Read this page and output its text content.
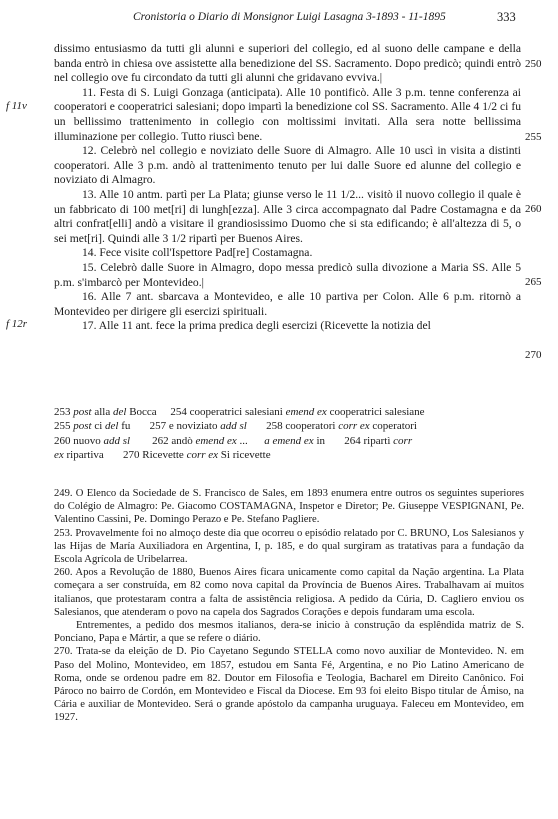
Cronistoria o Diario di Monsignor Luigi Lasagna 3-1893 - 11-1895	333
f 11v
f 12r
250
255
260
265
270

dissimo entusiasmo da tutti gli alunni e superiori del collegio, ed al suono delle campane e della banda entrò in chiesa ove assistette alla benedizione del SS. Sacramento. Dopo predicò; quindi entrò nel collegio ove fu circondato da tutti gli alunni che gridavano evviva.|

11. Festa di S. Luigi Gonzaga (anticipata). Alle 10 pontificò. Alle 3 p.m. tenne conferenza ai cooperatori e cooperatrici salesiani; dopo impartì la benedizione col SS. Sacramento. Alle 4 1/2 ci fu un bellissimo trattenimento in collegio con moltissimi invitati. Alla sera notte bellissima illuminazione per collegio. Tutto riuscì bene.

12. Celebrò nel collegio e noviziato delle Suore di Almagro. Alle 10 uscì in visita a distinti cooperatori. Alle 3 p.m. andò al trattenimento tenuto per lui dalle Suore ed alunne del collegio e noviziato di Almagro.

13. Alle 10 antm. partì per La Plata; giunse verso le 11 1/2... visitò il nuovo collegio il quale è un fabbricato di 100 met[ri] di lungh[ezza]. Alle 3 circa accompagnato dal Padre Costamagna e da altri confrat[elli] andò a visitare il grandiosissimo Duomo che si sta edificando; è all'altezza di 5, o sei met[ri]. Quindi alle 3 1/2 ripartì per Buenos Aires.

14. Fece visite coll'Ispettore Pad[re] Costamagna.

15. Celebrò dalle Suore in Almagro, dopo messa predicò sulla divozione a Maria SS. Alle 5 p.m. s'imbarcò per Montevideo.|

16. Alle 7 ant. sbarcava a Montevideo, e alle 10 partiva per Colon. Alle 6 p.m. ritornò a Montevideo per dirigere gli esercizi spirituali.

17. Alle 11 ant. fece la prima predica degli esercizi (Ricevette la notizia del

253 post alla del Bocca 254 cooperatrici salesiani emend ex cooperatrici salesiane
255 post ci del fu 257 e noviziato add sl 258 cooperatori corr ex coperatori
260 nuovo add sl 262 andò emend ex ... a emend ex in 264 ripartì corr
ex ripartiva 270 Ricevette corr ex Si ricevette

249. O Elenco da Sociedade de S. Francisco de Sales, em 1893 enumera entre outros os seguintes superiores do Colégio de Almagro: Pe. Giacomo COSTAMAGNA, Inspetor e Diretor; Pe. Giuseppe VESPIGNANI, Pe. Valentino Cassini, Pe. Domingo Perazo e Pe. Stefano Pagliere.

253. Provavelmente foi no almoço deste dia que ocorreu o episódio relatado por C. BRUNO, Los Salesianos y las Hijas de María Auxiliadora en Argentina, I, p. 185, e do qual surgiram as tratativas para a fundação da Escola Agrícola de Uribelarrea.

260. Apos a Revolução de 1880, Buenos Aires ficara unicamente como capital da Nação argentina. La Plata começara a ser construída, em 82 como nova capital da Província de Buenos Aires. Trabalhavam aí muitos italianos, que protestaram contra a falta de assistência religiosa. A pedido da Cúria, D. Cagliero enviou os Salesianos, que atenderam o povo na capela dos Sagrados Corações e depois fundaram uma escola.

Entrementes, a pedido dos mesmos italianos, dera-se inicio à construção da esplêndida matriz de S. Ponciano, Papa e Mártir, a que se refere o diário.

270. Trata-se da eleição de D. Pio Cayetano Segundo STELLA como novo auxiliar de Montevideo. N. em Paso del Molino, Montevideo, em 1857, estudou em Santa Fé, Argentina, e no Pio Latino Americano de Roma, onde se ordenou padre em 82. Doutor em Filosofia e Teologia, Bacharel em Direito Canônico. Foi Pároco no bairro de Cordón, em Montevideo e Fiscal da Diocese. Em 93 foi eleito Bispo titular de Ámiso, na Cária e auxiliar de Montevideo. Será o grande apóstolo da campanha uruguaya. Faleceu em Montevideo, em 1927.
